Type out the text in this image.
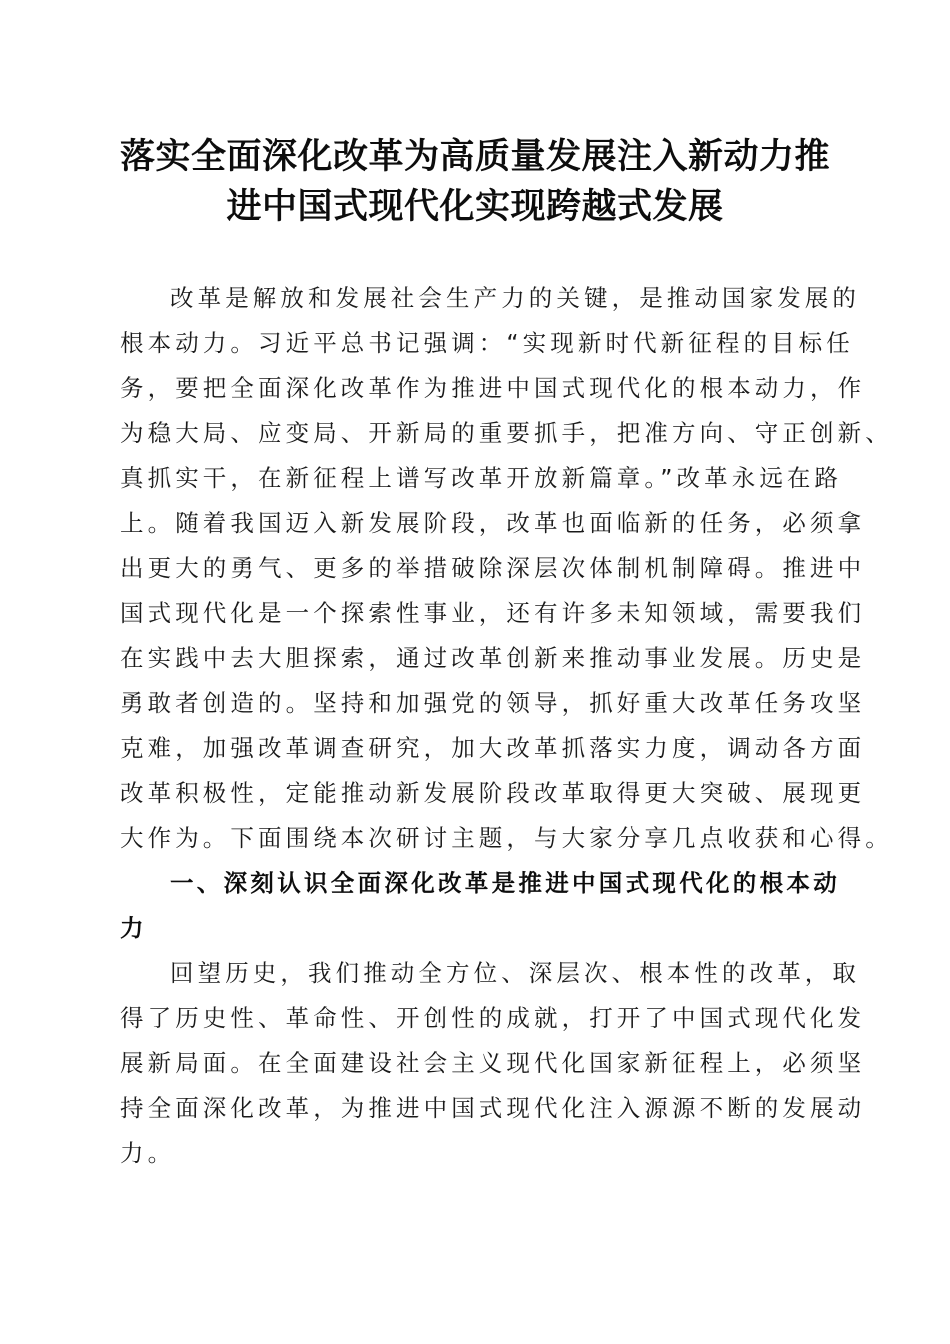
落实全面深化改革为高质量发展注入新动力推
进中国式现代化实现跨越式发展
改革是解放和发展社会生产力的关键，是推动国家发展的
根本动力。习近平总书记强调：“实现新时代新征程的目标任
务，要把全面深化改革作为推进中国式现代化的根本动力，作
为稳大局、应变局、开新局的重要抓手，把准方向、守正创新、
真抓实干，在新征程上谱写改革开放新篇章。”改革永远在路
上。随着我国迈入新发展阶段，改革也面临新的任务，必须拿
出更大的勇气、更多的举措破除深层次体制机制障碍。推进中
国式现代化是一个探索性事业，还有许多未知领域，需要我们
在实践中去大胆探索，通过改革创新来推动事业发展。历史是
勇敢者创造的。坚持和加强党的领导，抓好重大改革任务攻坚
克难，加强改革调查研究，加大改革抓落实力度，调动各方面
改革积极性，定能推动新发展阶段改革取得更大突破、展现更
大作为。下面围绕本次研讨主题，与大家分享几点收获和心得。
一、深刻认识全面深化改革是推进中国式现代化的根本动
力
回望历史，我们推动全方位、深层次、根本性的改革，取
得了历史性、革命性、开创性的成就，打开了中国式现代化发
展新局面。在全面建设社会主义现代化国家新征程上，必须坚
持全面深化改革，为推进中国式现代化注入源源不断的发展动
力。
